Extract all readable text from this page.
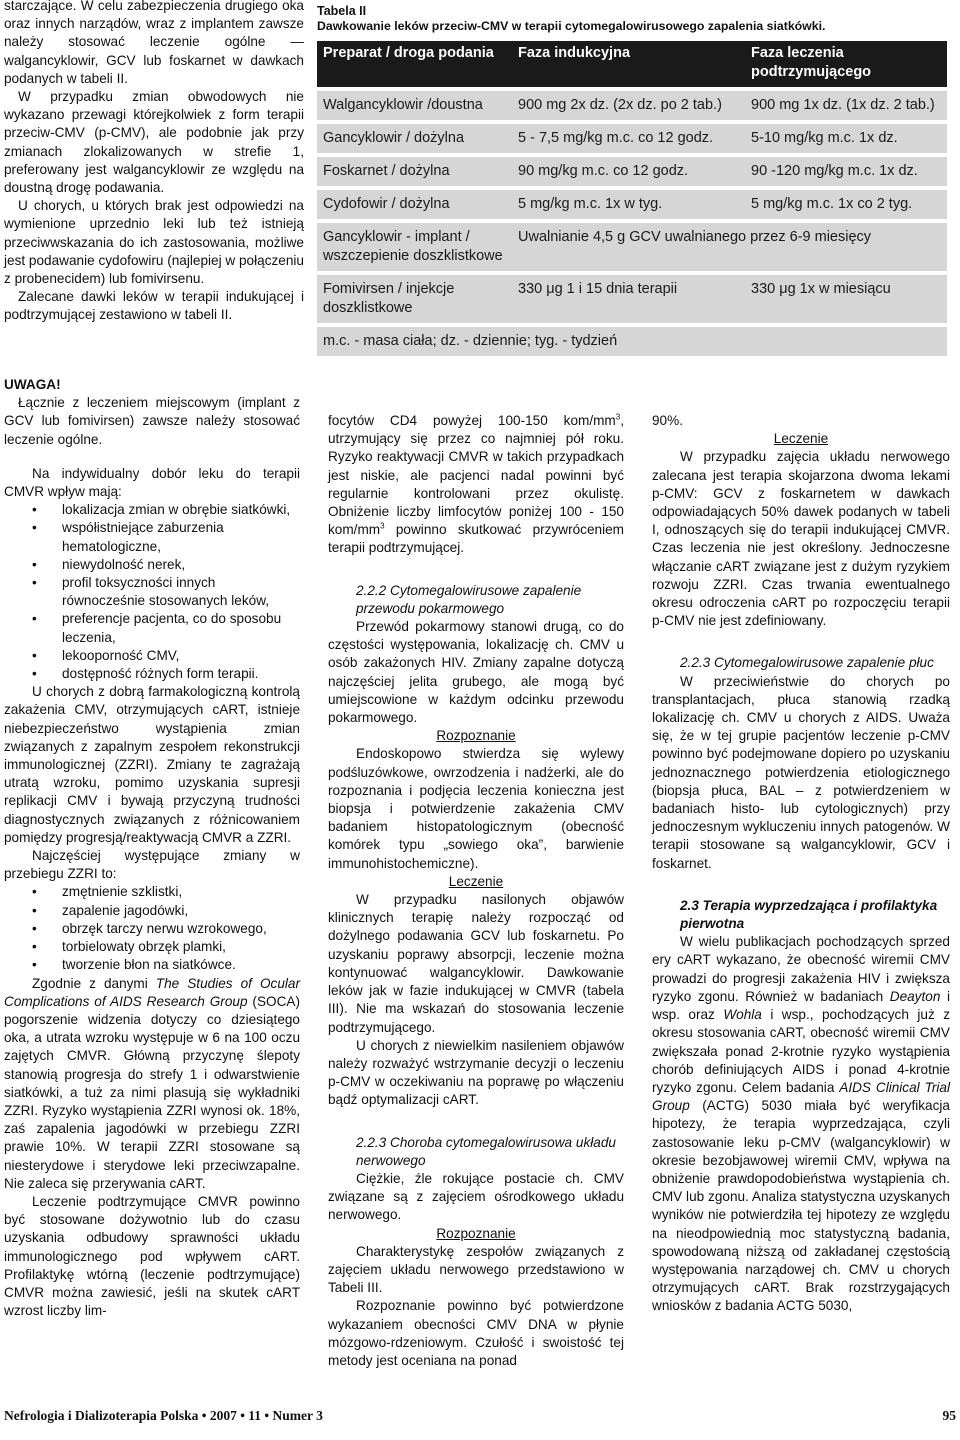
starczające. W celu zabezpieczenia drugiego oka oraz innych narządów, wraz z implantem zawsze należy stosować leczenie ogólne — walgancyklowir, GCV lub foskarnet w dawkach podanych w tabeli II.

W przypadku zmian obwodowych nie wykazano przewagi którejkolwiek z form terapii przeciw-CMV (p-CMV), ale podobnie jak przy zmianach zlokalizowanych w strefie 1, preferowany jest walgancyklowir ze względu na doustną drogę podawania.

U chorych, u których brak jest odpowiedzi na wymienione uprzednio leki lub też istnieją przeciwwskazania do ich zastosowania, możliwe jest podawanie cydofowiru (najlepiej w połączeniu z probenecidem) lub fomivirsenu.

Zalecane dawki leków w terapii indukującej i podtrzymującej zestawiono w tabeli II.

Tabela II
Dawkowanie leków przeciw-CMV w terapii cytomegalowirusowego zapalenia siatkówki.
Preparat / droga podania	Faza indukcyjna	Faza leczenia podtrzymującego
Walgancyklowir /doustna	900 mg 2x dz. (2x dz. po 2 tab.)	900 mg 1x dz. (1x dz. 2 tab.)
Gancyklowir / dożylna	5 - 7,5 mg/kg m.c. co 12 godz.	5-10 mg/kg m.c. 1x dz.
Foskarnet / dożylna	90 mg/kg m.c. co 12 godz.	90 -120 mg/kg m.c. 1x dz.
Cydofowir / dożylna	5 mg/kg m.c. 1x w tyg.	5 mg/kg m.c. 1x co 2 tyg.
Gancyklowir - implant / wszczepienie doszklistkowe	Uwalnianie 4,5 g GCV uwalnianego przez 6-9 miesięcy	
Fomivirsen / injekcje doszklistkowe	330 μg 1 i 15 dnia terapii	330 μg 1x w miesiącu
m.c. - masa ciała; dz. - dziennie; tyg. - tydzień		

UWAGA!

Łącznie z leczeniem miejscowym (implant z GCV lub fomivirsen) zawsze należy stosować leczenie ogólne.

Na indywidualny dobór leku do terapii CMVR wpływ mają:

• lokalizacja zmian w obrębie siatkówki,
• współistniejące zaburzenia hematologiczne,
• niewydolność nerek,
• profil toksyczności innych równocześnie stosowanych leków,
• preferencje pacjenta, co do sposobu leczenia,
• lekooporność CMV,
• dostępność różnych form terapii.

U chorych z dobrą farmakologiczną kontrolą zakażenia CMV, otrzymujących cART, istnieje niebezpieczeństwo wystąpienia zmian związanych z zapalnym zespołem rekonstrukcji immunologicznej (ZZRI). Zmiany te zagrażają utratą wzroku, pomimo uzyskania supresji replikacji CMV i bywają przyczyną trudności diagnostycznych związanych z różnicowaniem pomiędzy progresją/reaktywacją CMVR a ZZRI.

Najczęściej występujące zmiany w przebiegu ZZRI to:

• zmętnienie szklistki,
• zapalenie jagodówki,
• obrzęk tarczy nerwu wzrokowego,
• torbielowaty obrzęk plamki,
• tworzenie błon na siatkówce.

Zgodnie z danymi The Studies of Ocular Complications of AIDS Research Group (SOCA) pogorszenie widzenia dotyczy co dziesiątego oka, a utrata wzroku występuje w 6 na 100 oczu zajętych CMVR. Główną przyczynę ślepoty stanowią progresja do strefy 1 i odwarstwienie siatkówki, a tuż za nimi plasują się wykładniki ZZRI. Ryzyko wystąpienia ZZRI wynosi ok. 18%, zaś zapalenia jagodówki w przebiegu ZZRI prawie 10%. W terapii ZZRI stosowane są niesterydowe i sterydowe leki przeciwzapalne. Nie zaleca się przerywania cART.

Leczenie podtrzymujące CMVR powinno być stosowane dożywotnio lub do czasu uzyskania odbudowy sprawności układu immunologicznego pod wpływem cART. Profilaktykę wtórną (leczenie podtrzymujące) CMVR można zawiesić, jeśli na skutek cART wzrost liczby lim-

focytów CD4 powyżej 100-150 kom/$mm^3$, utrzymujący się przez co najmniej pół roku. Ryzyko reaktywacji CMVR w takich przypadkach jest niskie, ale pacjenci nadal powinni być regularnie kontrolowani przez okulistę. Obniżenie liczby limfocytów poniżej 100 - 150 kom/$mm^3$ powinno skutkować przywróceniem terapii podtrzymującej.

2.2.2 Cytomegalowirusowe zapalenie przewodu pokarmowego

Przewód pokarmowy stanowi drugą, co do częstości występowania, lokalizację ch. CMV u osób zakażonych HIV. Zmiany zapalne dotyczą najczęściej jelita grubego, ale mogą być umiejscowione w każdym odcinku przewodu pokarmowego.

Rozpoznanie

Endoskopowo stwierdza się wylewy podśluzówkowe, owrzodzenia i nadżerki, ale do rozpoznania i podjęcia leczenia konieczna jest biopsja i potwierdzenie zakażenia CMV badaniem histopatologicznym (obecność komórek typu „sowiego oka”, barwienie immunohistochemiczne).

Leczenie

W przypadku nasilonych objawów klinicznych terapię należy rozpocząć od dożylnego podawania GCV lub foskarnetu. Po uzyskaniu poprawy absorpcji, leczenie można kontynuować walgancyklowir. Dawkowanie leków jak w fazie indukującej w CMVR (tabela III). Nie ma wskazań do stosowania leczenie podtrzymującego.

U chorych z niewielkim nasileniem objawów należy rozważyć wstrzymanie decyzji o leczeniu p-CMV w oczekiwaniu na poprawę po włączeniu bądź optymalizacji cART.

2.2.3 Choroba cytomegalowirusowa układu nerwowego

Ciężkie, źle rokujące postacie ch. CMV związane są z zajęciem ośrodkowego układu nerwowego.

Rozpoznanie

Charakterystykę zespołów związanych z zajęciem układu nerwowego przedstawiono w Tabeli III.

Rozpoznanie powinno być potwierdzone wykazaniem obecności CMV DNA w płynie mózgowo-rdzeniowym. Czułość i swoistość tej metody jest oceniana na ponad

90%.

Leczenie

W przypadku zajęcia układu nerwowego zalecana jest terapia skojarzona dwoma lekami p-CMV: GCV z foskarnetem w dawkach odpowiadających 50% dawek podanych w tabeli I, odnoszących się do terapii indukującej CMVR. Czas leczenia nie jest określony. Jednoczesne włączanie cART związane jest z dużym ryzykiem rozwoju ZZRI. Czas trwania ewentualnego okresu odroczenia cART po rozpoczęciu terapii p-CMV nie jest zdefiniowany.

2.2.3 Cytomegalowirusowe zapalenie płuc

W przeciwieństwie do chorych po transplantacjach, płuca stanowią rzadką lokalizację ch. CMV u chorych z AIDS. Uważa się, że w tej grupie pacjentów leczenie p-CMV powinno być podejmowane dopiero po uzyskaniu jednoznacznego potwierdzenia etiologicznego (biopsja płuca, BAL – z potwierdzeniem w badaniach histo- lub cytologicznych) przy jednoczesnym wykluczeniu innych patogenów. W terapii stosowane są walgancyklowir, GCV i foskarnet.

2.3 Terapia wyprzedzająca i profilaktyka pierwotna

W wielu publikacjach pochodzących sprzed ery cART wykazano, że obecność wiremii CMV prowadzi do progresji zakażenia HIV i zwiększa ryzyko zgonu. Również w badaniach Deayton i wsp. oraz Wohla i wsp., pochodzących już z okresu stosowania cART, obecność wiremii CMV zwiększała ponad 2-krotnie ryzyko wystąpienia chorób definiujących AIDS i ponad 4-krotnie ryzyko zgonu. Celem badania AIDS Clinical Trial Group (ACTG) 5030 miała być weryfikacja hipotezy, że terapia wyprzedzająca, czyli zastosowanie leku p-CMV (walgancyklowir) w okresie bezobjawowej wiremii CMV, wpływa na obniżenie prawdopodobieństwa wystąpienia ch. CMV lub zgonu. Analiza statystyczna uzyskanych wyników nie potwierdziła tej hipotezy ze względu na nieodpowiednią moc statystyczną badania, spowodowaną niższą od zakładanej częstością występowania narządowej ch. CMV u chorych otrzymujących cART. Brak rozstrzygających wniosków z badania ACTG 5030,

Nefrologia i Dializoterapia Polska • 2007 • 11 • Numer 3	95
